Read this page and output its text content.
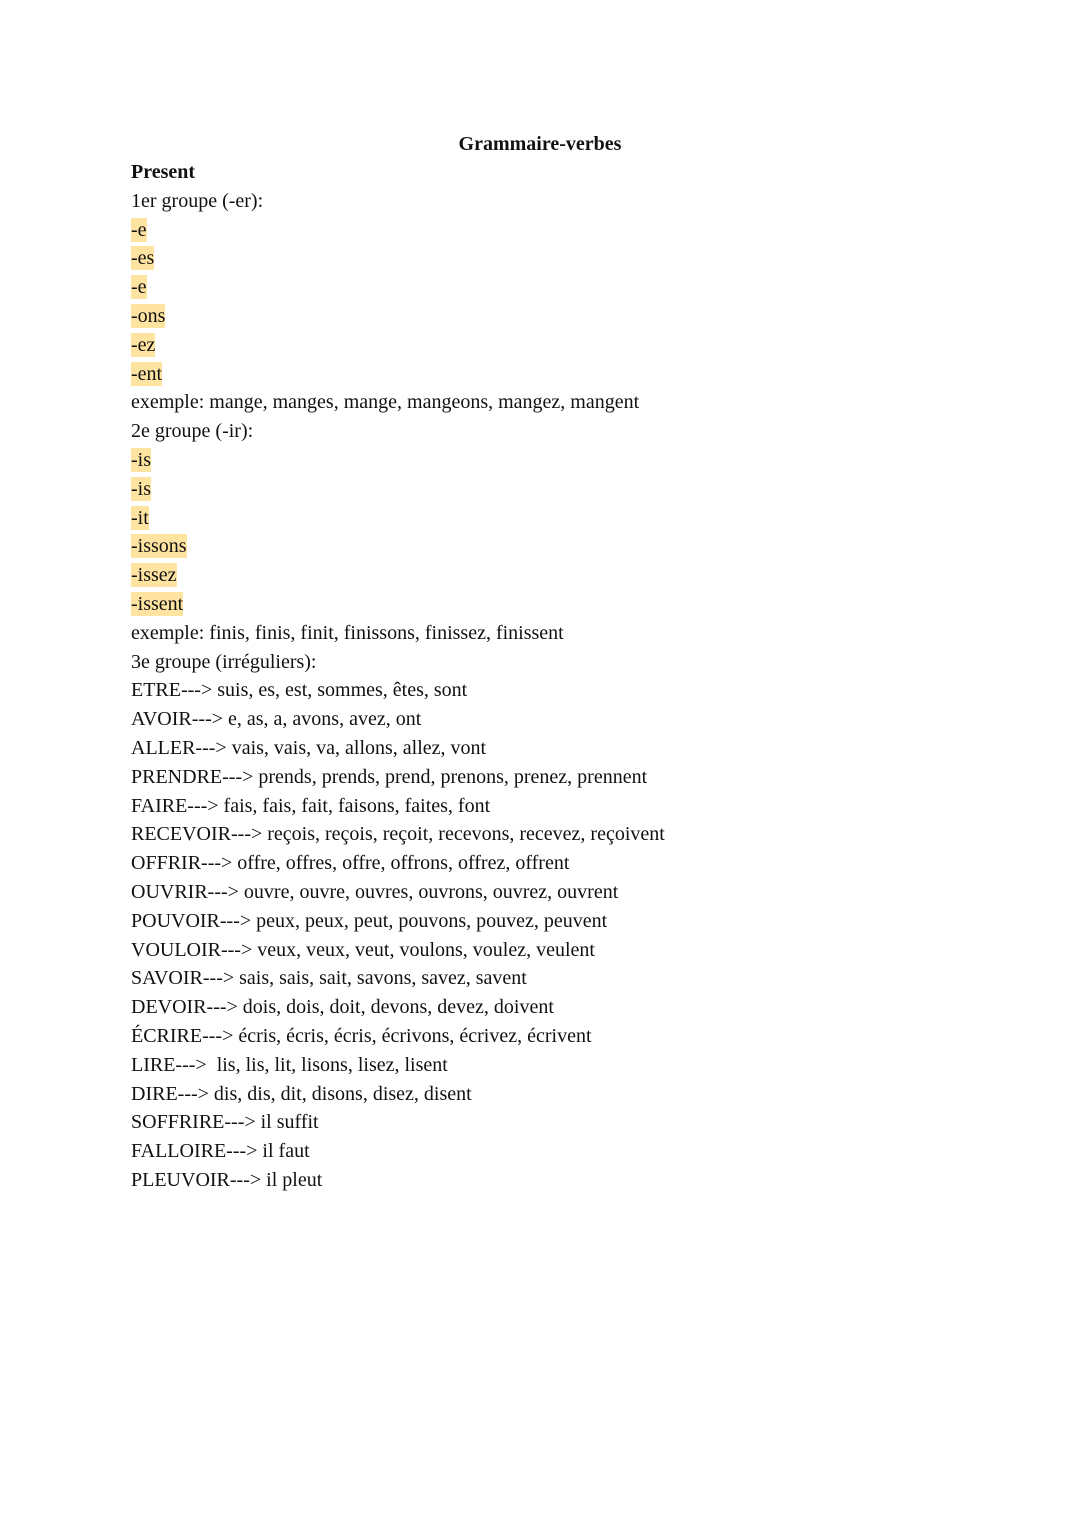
Grammaire-verbes
Present
1er groupe (-er):
-e
-es
-e
-ons
-ez
-ent
exemple: mange, manges, mange, mangeons, mangez, mangent
2e groupe (-ir):
-is
-is
-it
-issons
-issez
-issent
exemple: finis, finis, finit, finissons, finissez, finissent
3e groupe (irréguliers):
ETRE---> suis, es, est, sommes, êtes, sont
AVOIR---> e, as, a, avons, avez, ont
ALLER---> vais, vais, va, allons, allez, vont
PRENDRE---> prends, prends, prend, prenons, prenez, prennent
FAIRE---> fais, fais, fait, faisons, faites, font
RECEVOIR---> reçois, reçois, reçoit, recevons, recevez, reçoivent
OFFRIR---> offre, offres, offre, offrons, offrez, offrent
OUVRIR---> ouvre, ouvre, ouvres, ouvrons, ouvrez, ouvrent
POUVOIR---> peux, peux, peut, pouvons, pouvez, peuvent
VOULOIR---> veux, veux, veut, voulons, voulez, veulent
SAVOIR---> sais, sais, sait, savons, savez, savent
DEVOIR---> dois, dois, doit, devons, devez, doivent
ÉCRIRE---> écris, écris, écris, écrivons, écrivez, écrivent
LIRE--->  lis, lis, lit, lisons, lisez, lisent
DIRE---> dis, dis, dit, disons, disez, disent
SOFFRIRE---> il suffit
FALLOIRE---> il faut
PLEUVOIR---> il pleut
